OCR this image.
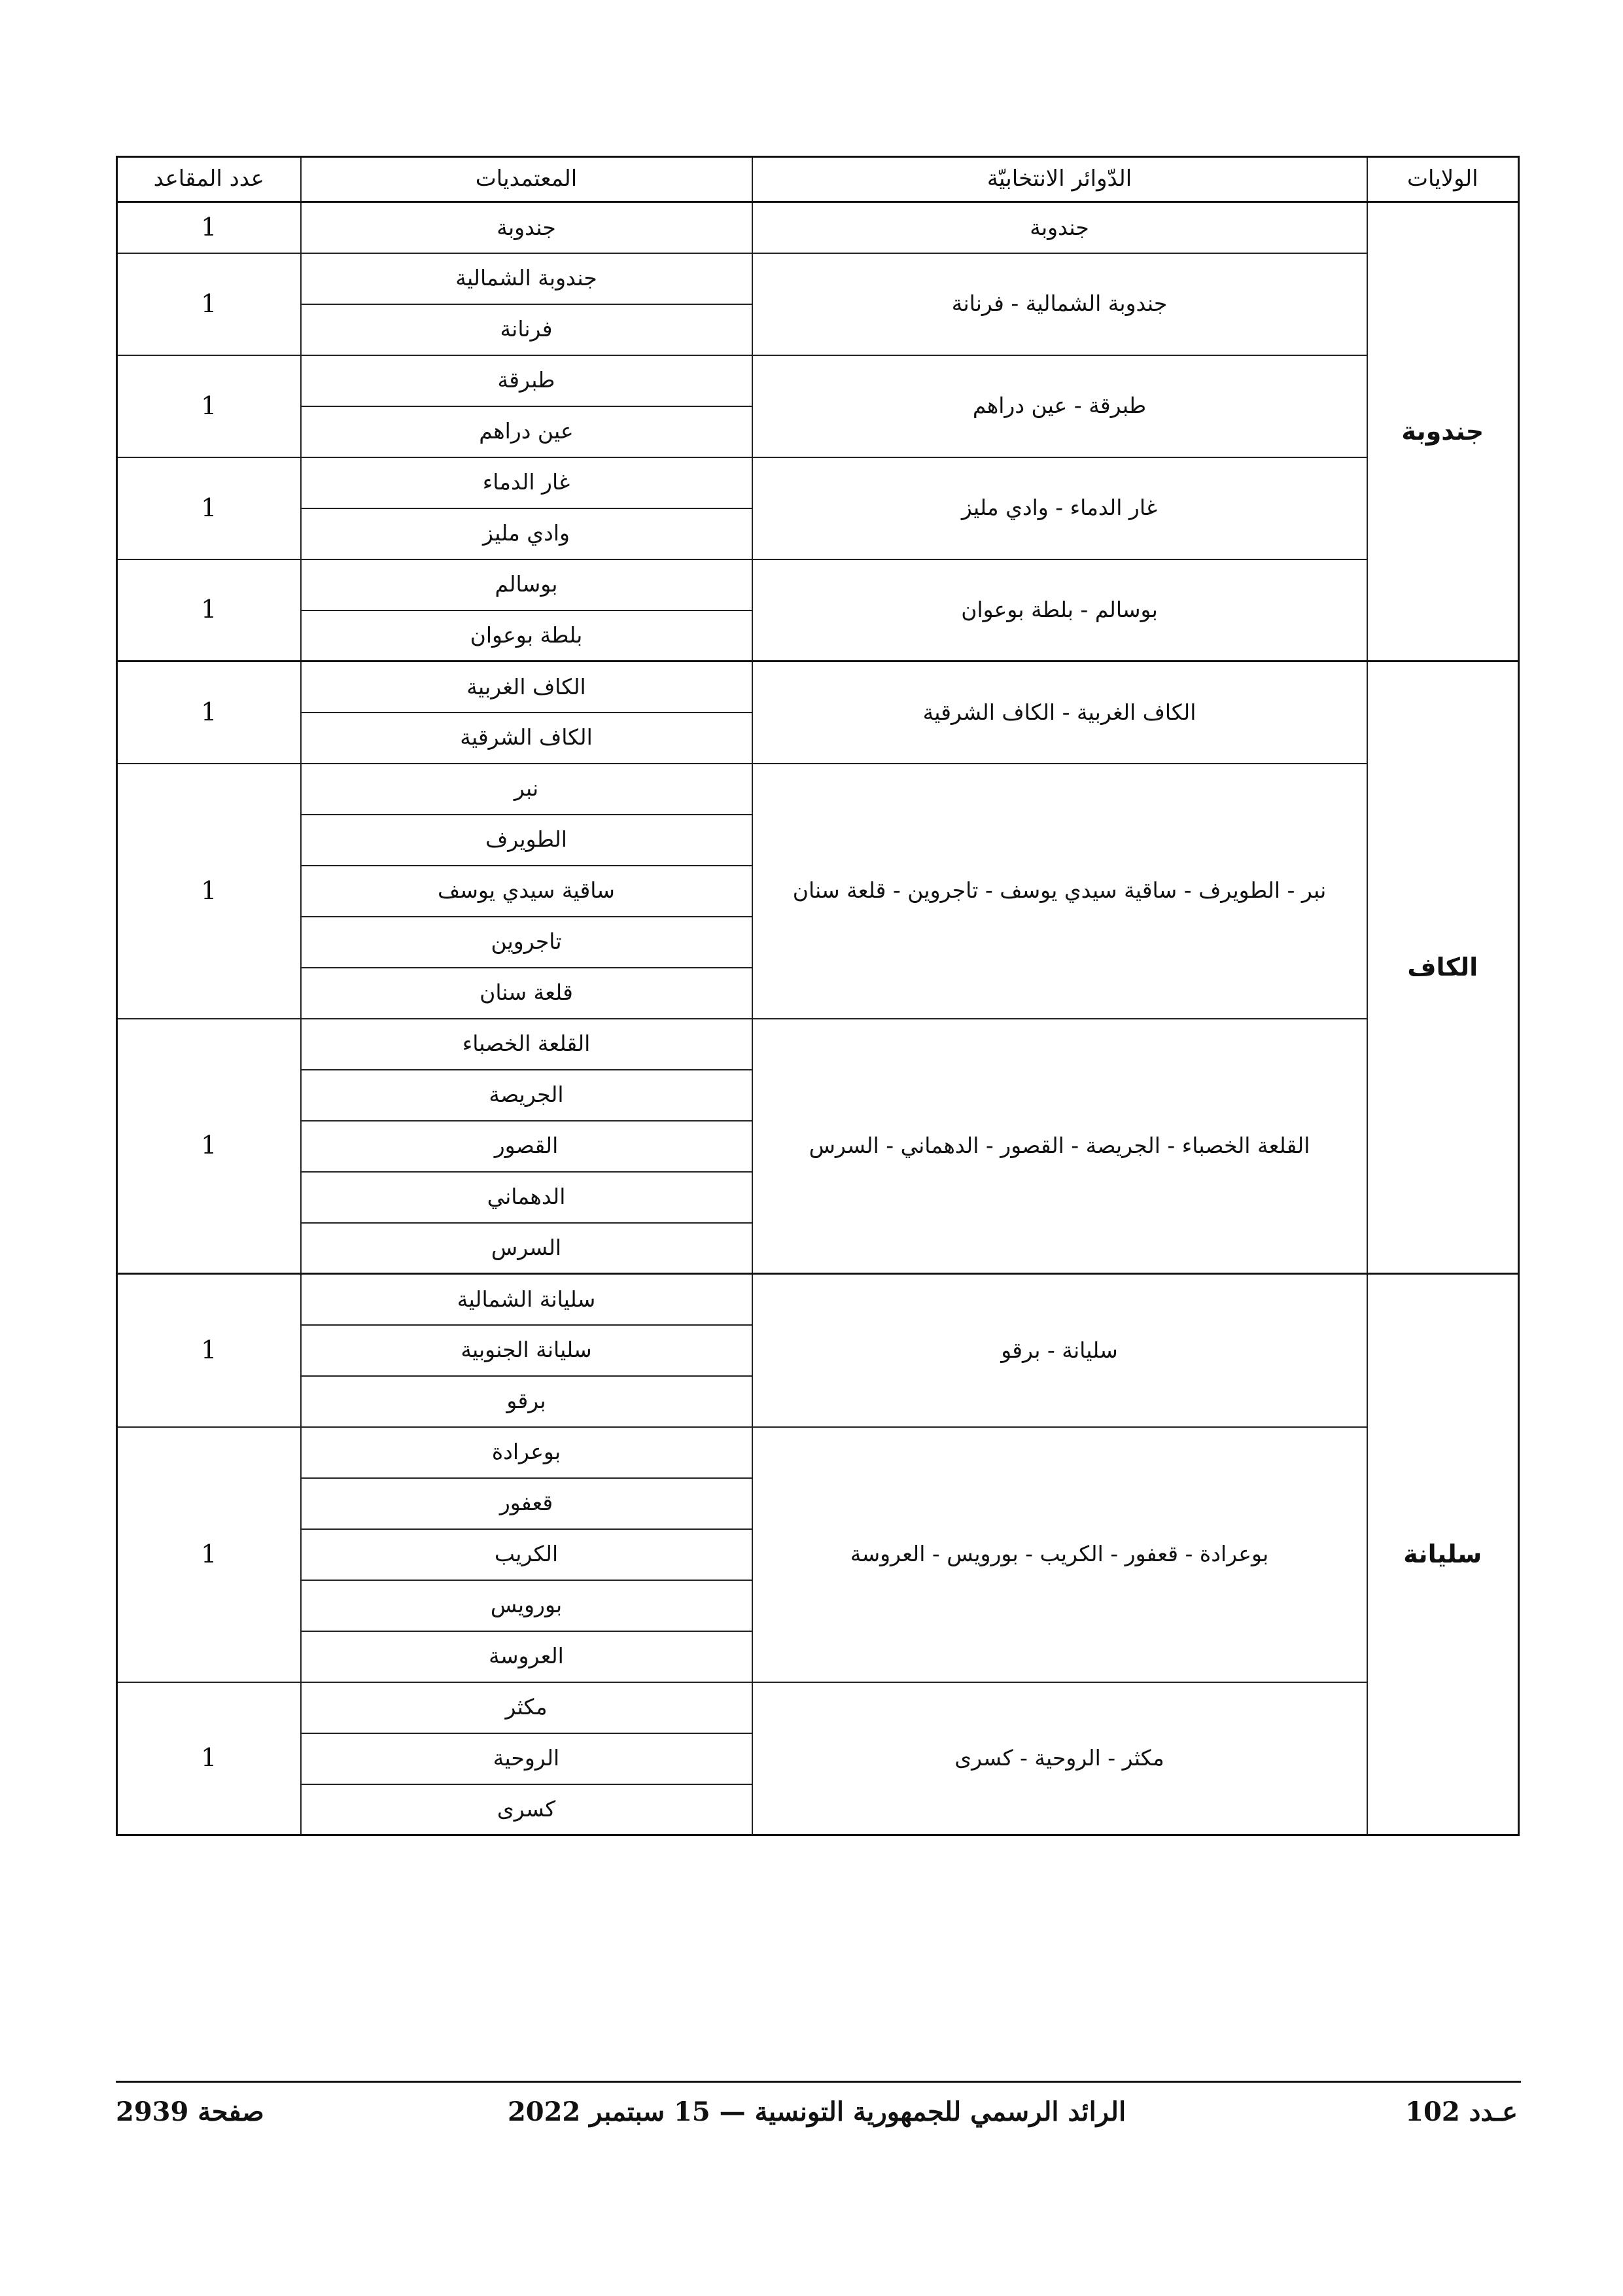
الولايات	الدّوائر الانتخابيّة	المعتمديات	عدد المقاعد
جندوبة	جندوبة	جندوبة	1
	جندوبة الشمالية - فرنانة	جندوبة الشمالية	1
		فرنانة	
	طبرقة - عين دراهم	طبرقة	1
		عين دراهم	
	غار الدماء - وادي مليز	غار الدماء	1
		وادي مليز	
	بوسالم - بلطة بوعوان	بوسالم	1
		بلطة بوعوان	
الكاف	الكاف الغربية - الكاف الشرقية	الكاف الغربية	1
		الكاف الشرقية	
	نبر - الطويرف - ساقية سيدي يوسف - تاجروين - قلعة سنان	نبر	1
		الطويرف	
		ساقية سيدي يوسف	
		تاجروين	
		قلعة سنان	
	القلعة الخصباء - الجريصة - القصور - الدهماني - السرس	القلعة الخصباء	1
		الجريصة	
		القصور	
		الدهماني	
		السرس	
سليانة	سليانة - برقو	سليانة الشمالية	1
		سليانة الجنوبية	
		برقو	
	بوعرادة - قعفور - الكريب - بورويس - العروسة	بوعرادة	1
		قعفور	
		الكريب	
		بورويس	
		العروسة	
	مكثر - الروحية - كسرى	مكثر	1
		الروحية	
		كسرى	
عـدد 102
الرائد الرسمي للجمهورية التونسية — 15 سبتمبر 2022
صفحة 2939
